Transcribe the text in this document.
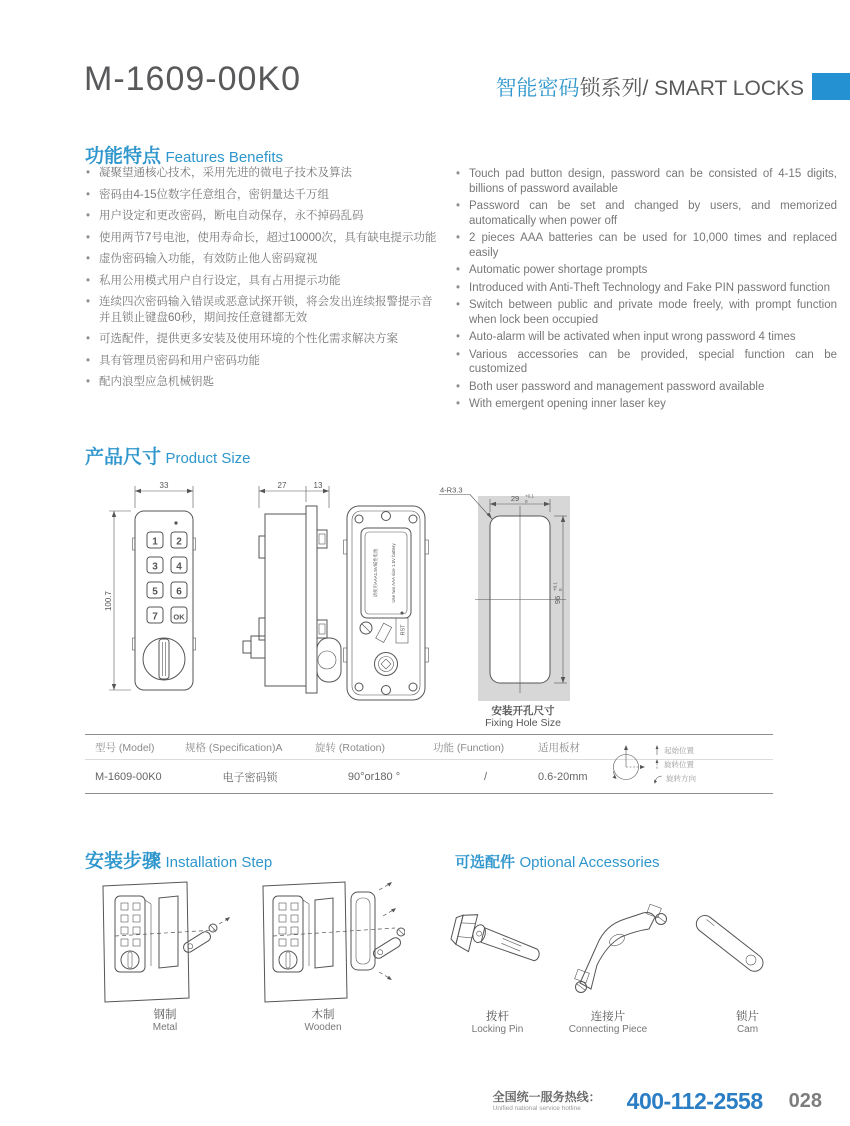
M-1609-00K0	智能密码锁系列/ SMART LOCKS
功能特点 Features Benefits
• 凝聚望通核心技术，采用先进的微电子技术及算法
• 密码由4-15位数字任意组合，密钥量达千万组
• 用户设定和更改密码，断电自动保存，永不掉码乱码
• 使用两节7号电池，使用寿命长，超过10000次，具有缺电提示功能
• 虚伪密码输入功能，有效防止他人密码窥视
• 私用公用模式用户自行设定，具有占用提示功能
• 连续四次密码输入错误或恶意试探开锁，将会发出连续报警提示音并且锁止键盘60秒，期间按任意键都无效
• 可选配件，提供更多安装及使用环境的个性化需求解决方案
• 具有管理员密码和用户密码功能
• 配内浪型应急机械钥匙
• Touch pad button design, password can be consisted of 4-15 digits, billions of password available
• Password can be set and changed by users, and memorized automatically when power off
• 2 pieces AAA batteries can be used for 10,000 times and replaced easily
• Automatic power shortage prompts
• Introduced with Anti-Theft Technology and Fake PIN password function
• Switch between public and private mode freely, with prompt function when lock been occupied
• Auto-alarm will be activated when input wrong password 4 times
• Various accessories can be provided, special function can be customized
• Both user password and management password available
• With emergent opening inner laser key
产品尺寸 Product Size
33
100.7
1 2
3 4
5 6
7 OK
27	13
请使用AAA1.5V碱性电池	Use two AAA size 1.5V battery
RST
29 +0.1
0
4-R3.3
96
+0.1 0
安装开孔尺寸
Fixing Hole Size
型号 (Model)	规格 (Specification)A	旋转 (Rotation)	功能 (Function)	适用板材
M-1609-00K0	电子密码锁	90°or180 °	/	0.6-20mm
起始位置
旋转位置
旋转方向
安装步骤 Installation Step	可选配件 Optional Accessories
钢制
Metal
木制
Wooden
拨杆
Locking Pin
连接片
Connecting Piece
锁片
Cam
全国统一服务热线：
Unified national service hotline	400-112-2558 028
